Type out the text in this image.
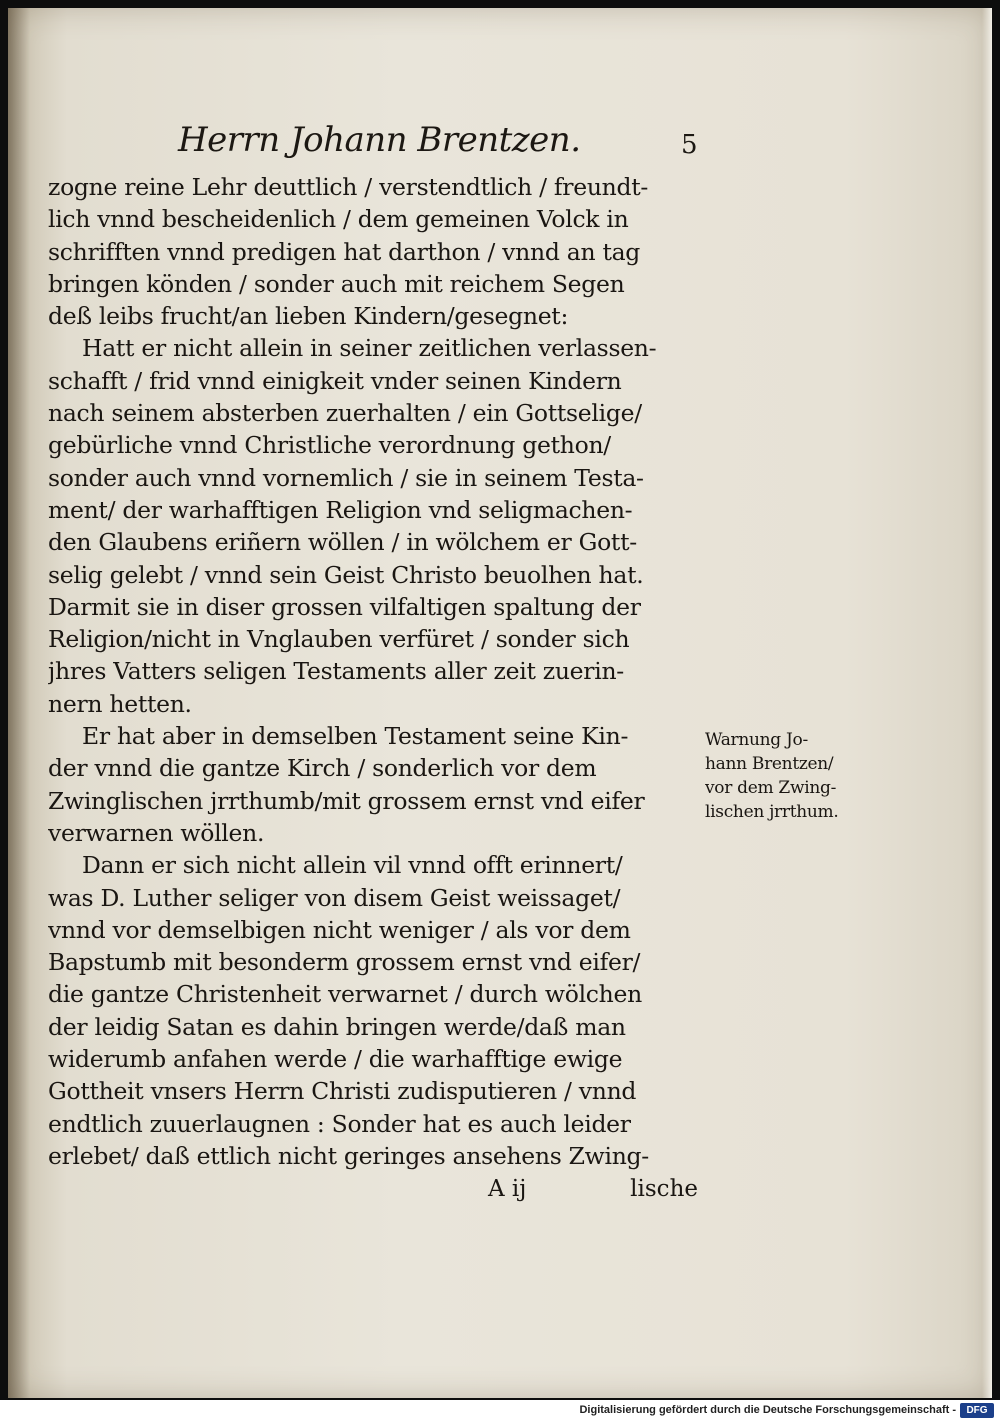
Herrn Johann Brentzen.	5
zogne reine Lehr deuttlich / verstendtlich / freundt-
lich vnnd bescheidenlich / dem gemeinen Volck in
schrifften vnnd predigen hat darthon / vnnd an tag
bringen könden / sonder auch mit reichem Segen
deß leibs frucht/an lieben Kindern/gesegnet:
Hatt er nicht allein in seiner zeitlichen verlassen-
schafft / frid vnnd einigkeit vnder seinen Kindern
nach seinem absterben zuerhalten / ein Gottselige/
gebürliche vnnd Christliche verordnung gethon/
sonder auch vnnd vornemlich / sie in seinem Testa-
ment/ der warhafftigen Religion vnd seligmachen-
den Glaubens eriñern wöllen / in wölchem er Gott-
selig gelebt / vnnd sein Geist Christo beuolhen hat.
Darmit sie in diser grossen vilfaltigen spaltung der
Religion/nicht in Vnglauben verfüret / sonder sich
jhres Vatters seligen Testaments aller zeit zuerin-
nern hetten.
Er hat aber in demselben Testament seine Kin-
der vnnd die gantze Kirch / sonderlich vor dem
Zwinglischen jrrthumb/mit grossem ernst vnd eifer
verwarnen wöllen.
Dann er sich nicht allein vil vnnd offt erinnert/
was D. Luther seliger von disem Geist weissaget/
vnnd vor demselbigen nicht weniger / als vor dem
Bapstumb mit besonderm grossem ernst vnd eifer/
die gantze Christenheit verwarnet / durch wölchen
der leidig Satan es dahin bringen werde/daß man
widerumb anfahen werde / die warhafftige ewige
Gottheit vnsers Herrn Christi zudisputieren / vnnd
endtlich zuuerlaugnen : Sonder hat es auch leider
erlebet/ daß ettlich nicht geringes ansehens Zwing-
Warnung Jo-
hann Brentzen/
vor dem Zwing-
lischen jrrthum.
A ij	lische
Digitalisierung gefördert durch die Deutsche Forschungsgemeinschaft -	DFG
